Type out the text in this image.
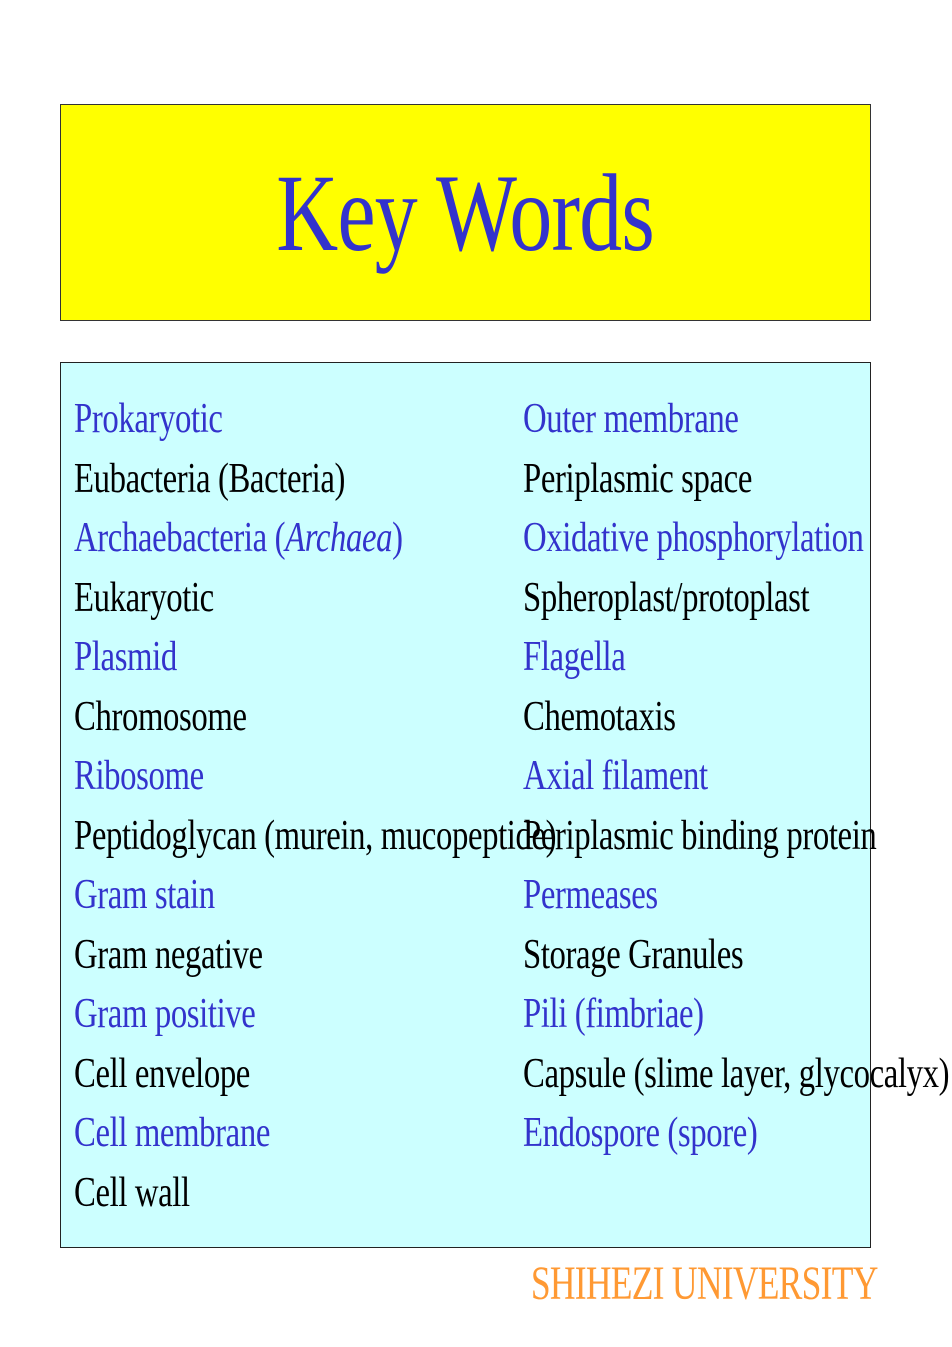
Key Words
Prokaryotic
Eubacteria (Bacteria)
Archaebacteria (Archaea)
Eukaryotic
Plasmid
Chromosome
Ribosome
Peptidoglycan (murein, mucopeptide)
Gram stain
Gram negative
Gram positive
Cell envelope
Cell membrane
Cell wall
Outer membrane
Periplasmic space
Oxidative phosphorylation
Spheroplast/protoplast
Flagella
Chemotaxis
Axial filament
Periplasmic binding protein
Permeases
Storage Granules
Pili (fimbriae)
Capsule (slime layer, glycocalyx)
Endospore (spore)
SHIHEZI UNIVERSITY
